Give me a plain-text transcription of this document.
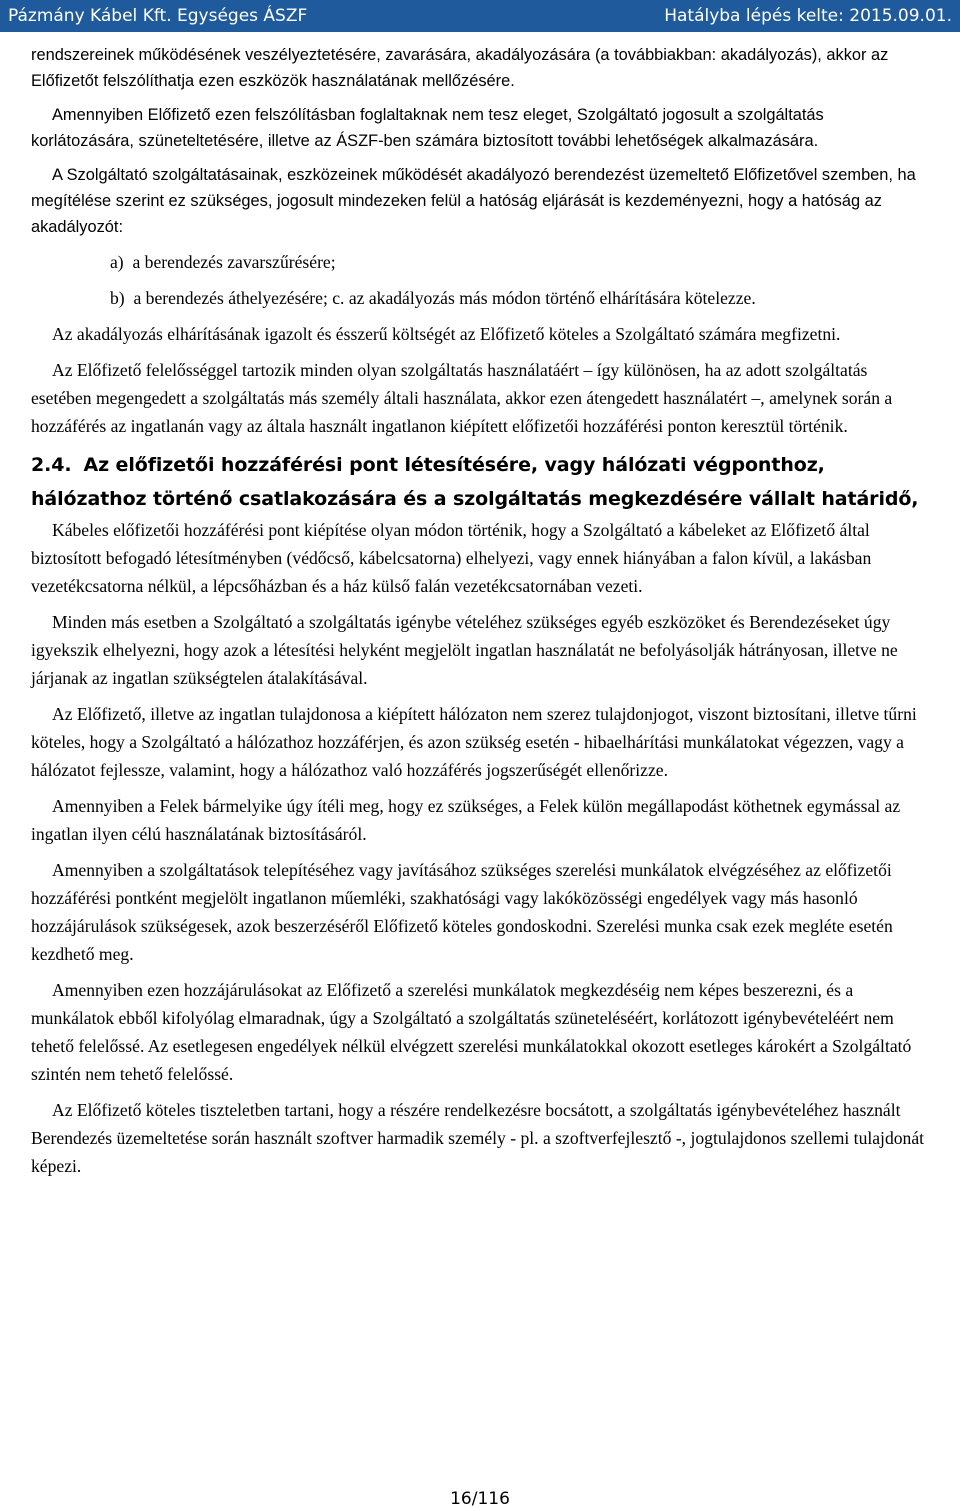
Pázmány Kábel Kft. Egységes ÁSZF	Hatályba lépés kelte: 2015.09.01.

rendszereinek működésének veszélyeztetésére, zavarására, akadályozására (a továbbiakban: akadályozás), akkor az Előfizetőt felszólíthatja ezen eszközök használatának mellőzésére.

Amennyiben Előfizető ezen felszólításban foglaltaknak nem tesz eleget, Szolgáltató jogosult a szolgáltatás korlátozására, szüneteltetésére, illetve az ÁSZF-ben számára biztosított további lehetőségek alkalmazására.

A Szolgáltató szolgáltatásainak, eszközeinek működését akadályozó berendezést üzemeltető Előfizetővel szemben, ha megítélése szerint ez szükséges, jogosult mindezeken felül a hatóság eljárását is kezdeményezni, hogy a hatóság az akadályozót:

a)  a berendezés zavarszűrésére;

b)  a berendezés áthelyezésére; c. az akadályozás más módon történő elhárítására kötelezze.

Az akadályozás elhárításának igazolt és ésszerű költségét az Előfizető köteles a Szolgáltató számára megfizetni.

Az Előfizető felelősséggel tartozik minden olyan szolgáltatás használatáért – így különösen, ha az adott szolgáltatás esetében megengedett a szolgáltatás más személy általi használata, akkor ezen átengedett használatért –, amelynek során a hozzáférés az ingatlanán vagy az általa használt ingatlanon kiépített előfizetői hozzáférési ponton keresztül történik.

2.4. Az előfizetői hozzáférési pont létesítésére, vagy hálózati végponthoz, hálózathoz történő csatlakozására és a szolgáltatás megkezdésére vállalt határidő,

Kábeles előfizetői hozzáférési pont kiépítése olyan módon történik, hogy a Szolgáltató a kábeleket az Előfizető által biztosított befogadó létesítményben (védőcső, kábelcsatorna) elhelyezi, vagy ennek hiányában a falon kívül, a lakásban vezetékcsatorna nélkül, a lépcsőházban és a ház külső falán vezetékcsatornában vezeti.

Minden más esetben a Szolgáltató a szolgáltatás igénybe vételéhez szükséges egyéb eszközöket és Berendezéseket úgy igyekszik elhelyezni, hogy azok a létesítési helyként megjelölt ingatlan használatát ne befolyásolják hátrányosan, illetve ne járjanak az ingatlan szükségtelen átalakításával.

Az Előfizető, illetve az ingatlan tulajdonosa a kiépített hálózaton nem szerez tulajdonjogot, viszont biztosítani, illetve tűrni köteles, hogy a Szolgáltató a hálózathoz hozzáférjen, és azon szükség esetén - hibaelhárítási munkálatokat végezzen, vagy a hálózatot fejlessze, valamint, hogy a hálózathoz való hozzáférés jogszerűségét ellenőrizze.

Amennyiben a Felek bármelyike úgy ítéli meg, hogy ez szükséges, a Felek külön megállapodást köthetnek egymással az ingatlan ilyen célú használatának biztosításáról.

Amennyiben a szolgáltatások telepítéséhez vagy javításához szükséges szerelési munkálatok elvégzéséhez az előfizetői hozzáférési pontként megjelölt ingatlanon műemléki, szakhatósági vagy lakóközösségi engedélyek vagy más hasonló hozzájárulások szükségesek, azok beszerzéséről Előfizető köteles gondoskodni. Szerelési munka csak ezek megléte esetén kezdhető meg.

Amennyiben ezen hozzájárulásokat az Előfizető a szerelési munkálatok megkezdéséig nem képes beszerezni, és a munkálatok ebből kifolyólag elmaradnak, úgy a Szolgáltató a szolgáltatás szüneteléséért, korlátozott igénybevételéért nem tehető felelőssé. Az esetlegesen engedélyek nélkül elvégzett szerelési munkálatokkal okozott esetleges károkért a Szolgáltató szintén nem tehető felelőssé.

Az Előfizető köteles tiszteletben tartani, hogy a részére rendelkezésre bocsátott, a szolgáltatás igénybevételéhez használt Berendezés üzemeltetése során használt szoftver harmadik személy - pl. a szoftverfejlesztő -, jogtulajdonos szellemi tulajdonát képezi.

16/116
